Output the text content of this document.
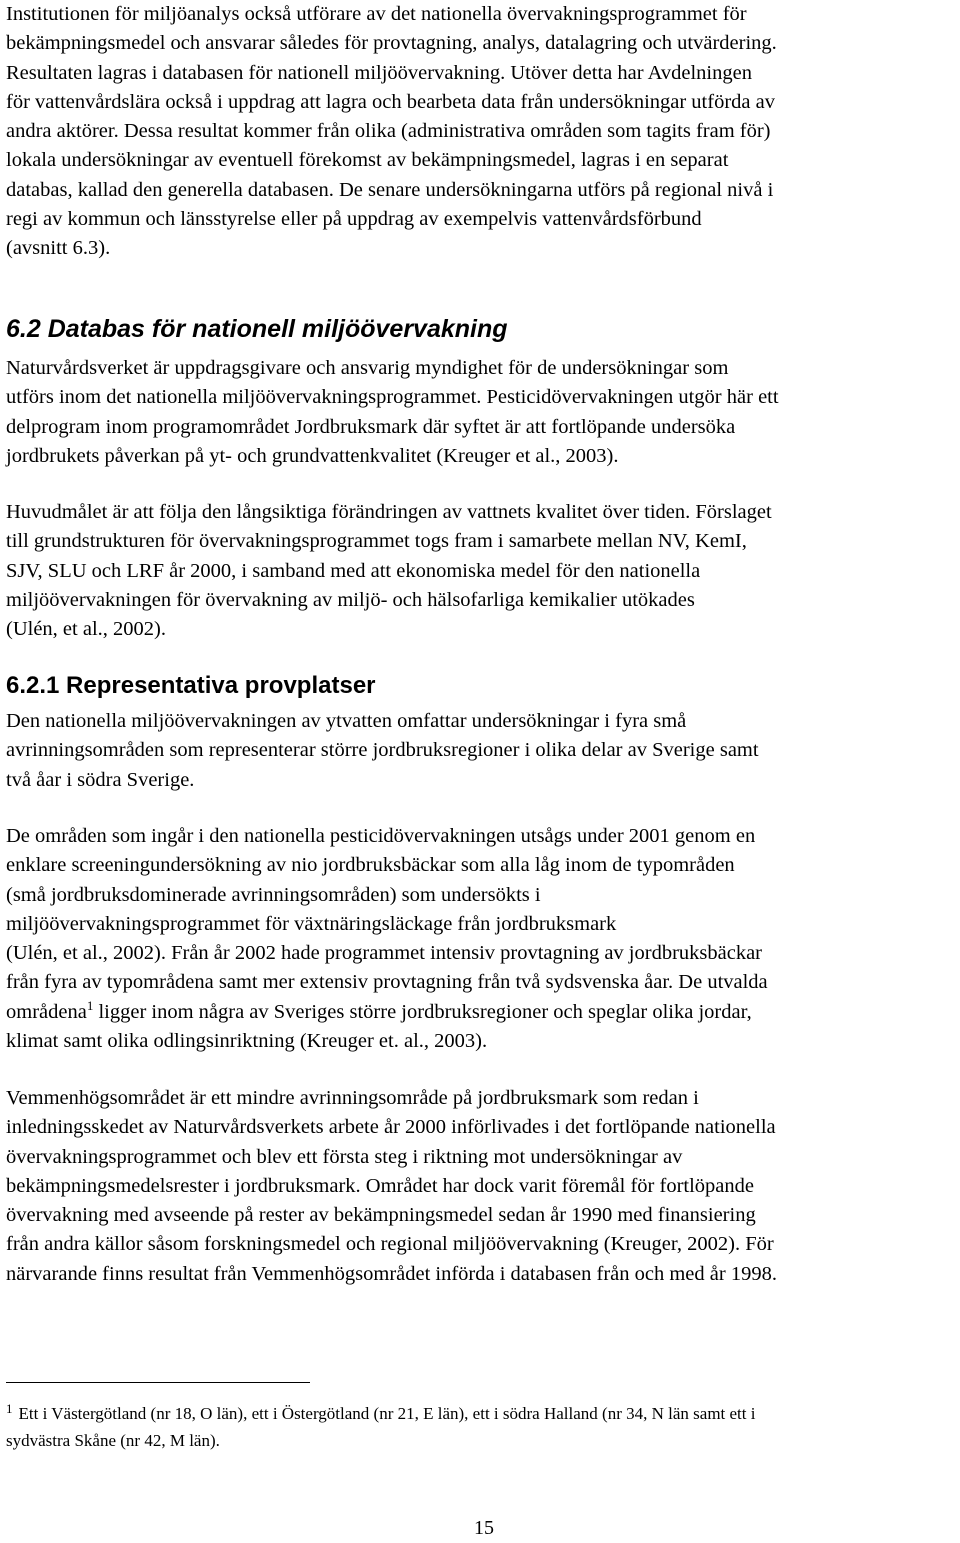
Institutionen för miljöanalys också utförare av det nationella övervakningsprogrammet för
bekämpningsmedel och ansvarar således för provtagning, analys, datalagring och utvärdering.
Resultaten lagras i databasen för nationell miljöövervakning. Utöver detta har Avdelningen
för vattenvårdslära också i uppdrag att lagra och bearbeta data från undersökningar utförda av
andra aktörer. Dessa resultat kommer från olika (administrativa områden som tagits fram för)
lokala undersökningar av eventuell förekomst av bekämpningsmedel, lagras i en separat
databas, kallad den generella databasen. De senare undersökningarna utförs på regional nivå i
regi av kommun och länsstyrelse eller på uppdrag av exempelvis vattenvårdsförbund
(avsnitt 6.3).
6.2 Databas för nationell miljöövervakning
Naturvårdsverket är uppdragsgivare och ansvarig myndighet för de undersökningar som
utförs inom det nationella miljöövervakningsprogrammet. Pesticidövervakningen utgör här ett
delprogram inom programområdet Jordbruksmark där syftet är att fortlöpande undersöka
jordbrukets påverkan på yt- och grundvattenkvalitet (Kreuger et al., 2003).
Huvudmålet är att följa den långsiktiga förändringen av vattnets kvalitet över tiden. Förslaget
till grundstrukturen för övervakningsprogrammet togs fram i samarbete mellan NV, KemI,
SJV, SLU och LRF år 2000, i samband med att ekonomiska medel för den nationella
miljöövervakningen för övervakning av miljö- och hälsofarliga kemikalier utökades
(Ulén, et al., 2002).
6.2.1 Representativa provplatser
Den nationella miljöövervakningen av ytvatten omfattar undersökningar i fyra små
avrinningsområden som representerar större jordbruksregioner i olika delar av Sverige samt
två åar i södra Sverige.
De områden som ingår i den nationella pesticidövervakningen utsågs under 2001 genom en
enklare screeningundersökning av nio jordbruksbäckar som alla låg inom de typområden
(små jordbruksdominerade avrinningsområden) som undersökts i
miljöövervakningsprogrammet för växtnäringsläckage från jordbruksmark
(Ulén, et al., 2002). Från år 2002 hade programmet intensiv provtagning av jordbruksbäckar
från fyra av typområdena samt mer extensiv provtagning från två sydsvenska åar. De utvalda
områdena$^1$ ligger inom några av Sveriges större jordbruksregioner och speglar olika jordar,
klimat samt olika odlingsinriktning (Kreuger et. al., 2003).
Vemmenhögsområdet är ett mindre avrinningsområde på jordbruksmark som redan i
inledningsskedet av Naturvårdsverkets arbete år 2000 införlivades i det fortlöpande nationella
övervakningsprogrammet och blev ett första steg i riktning mot undersökningar av
bekämpningsmedelsrester i jordbruksmark. Området har dock varit föremål för fortlöpande
övervakning med avseende på rester av bekämpningsmedel sedan år 1990 med finansiering
från andra källor såsom forskningsmedel och regional miljöövervakning (Kreuger, 2002). För
närvarande finns resultat från Vemmenhögsområdet införda i databasen från och med år 1998.
$^1$ Ett i Västergötland (nr 18, O län), ett i Östergötland (nr 21, E län), ett i södra Halland (nr 34, N län samt ett i
sydvästra Skåne (nr 42, M län).
15
